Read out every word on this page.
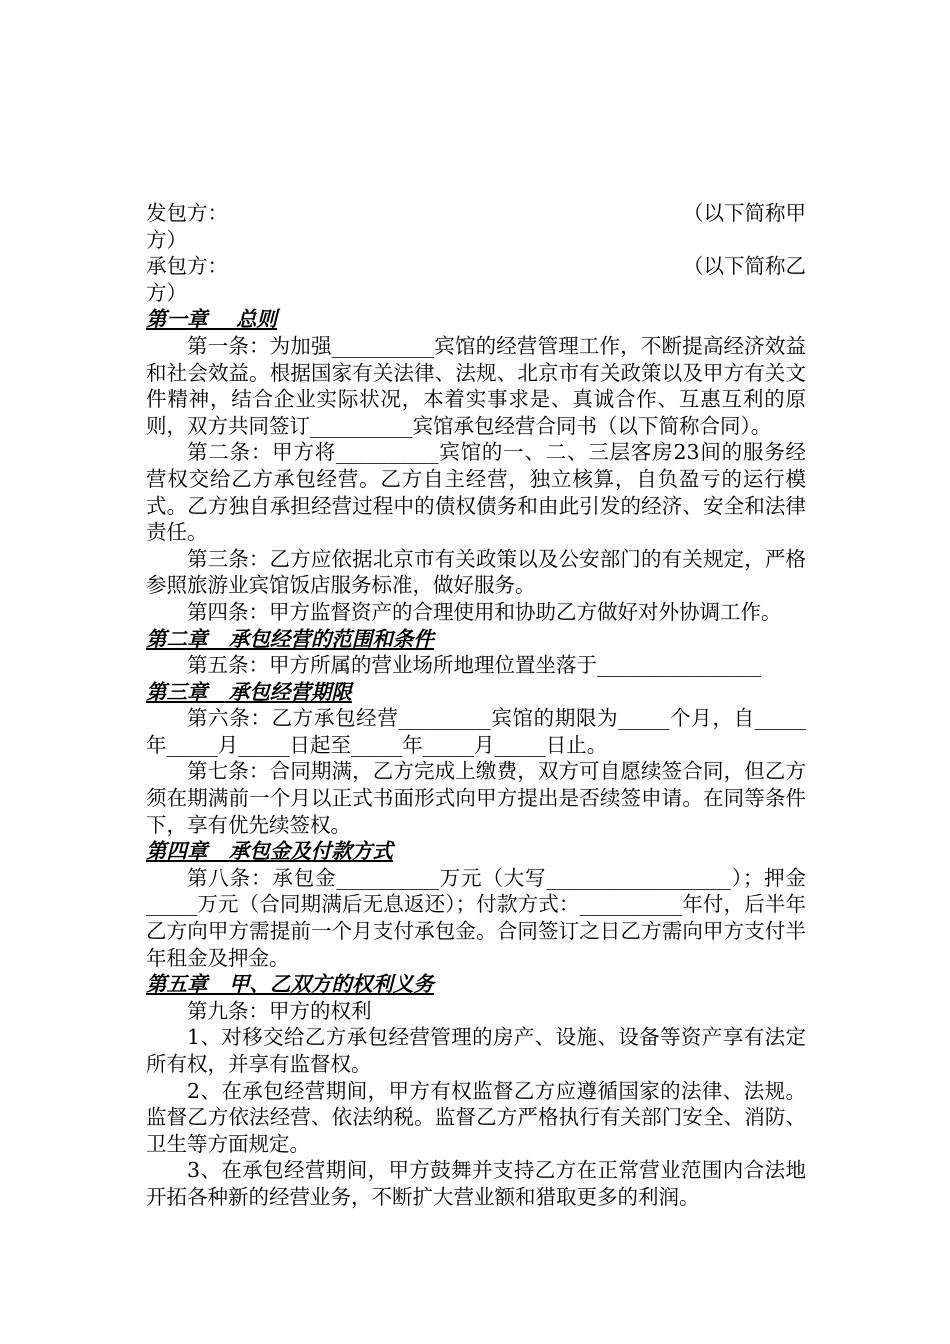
发包方：	（以下简称甲
方）
承包方：	（以下简称乙
方）
第一章    总则
第一条：为加强__________宾馆的经营管理工作，不断提高经济效益和社会效益。根据国家有关法律、法规、北京市有关政策以及甲方有关文件精神，结合企业实际状况，本着实事求是、真诚合作、互惠互利的原则，双方共同签订__________宾馆承包经营合同书（以下简称合同）。
第二条：甲方将__________宾馆的一、二、三层客房23间的服务经营权交给乙方承包经营。乙方自主经营，独立核算，自负盈亏的运行模式。乙方独自承担经营过程中的债权债务和由此引发的经济、安全和法律责任。
第三条：乙方应依据北京市有关政策以及公安部门的有关规定，严格参照旅游业宾馆饭店服务标准，做好服务。
第四条：甲方监督资产的合理使用和协助乙方做好对外协调工作。
第二章   承包经营的范围和条件
第五条：甲方所属的营业场所地理位置坐落于________________
第三章   承包经营期限
第六条：乙方承包经营_________宾馆的期限为_____个月，自_____年_____月_____日起至_____年_____月_____日止。
第七条：合同期满，乙方完成上缴费，双方可自愿续签合同，但乙方须在期满前一个月以正式书面形式向甲方提出是否续签申请。在同等条件下，享有优先续签权。
第四章   承包金及付款方式
第八条：承包金__________万元（大写__________________）；押金_____万元（合同期满后无息返还）；付款方式：__________年付，后半年乙方向甲方需提前一个月支付承包金。合同签订之日乙方需向甲方支付半年租金及押金。
第五章   甲、乙双方的权利义务
第九条：甲方的权利
1、对移交给乙方承包经营管理的房产、设施、设备等资产享有法定所有权，并享有监督权。
2、在承包经营期间，甲方有权监督乙方应遵循国家的法律、法规。监督乙方依法经营、依法纳税。监督乙方严格执行有关部门安全、消防、卫生等方面规定。
3、在承包经营期间，甲方鼓舞并支持乙方在正常营业范围内合法地开拓各种新的经营业务，不断扩大营业额和猎取更多的利润。
